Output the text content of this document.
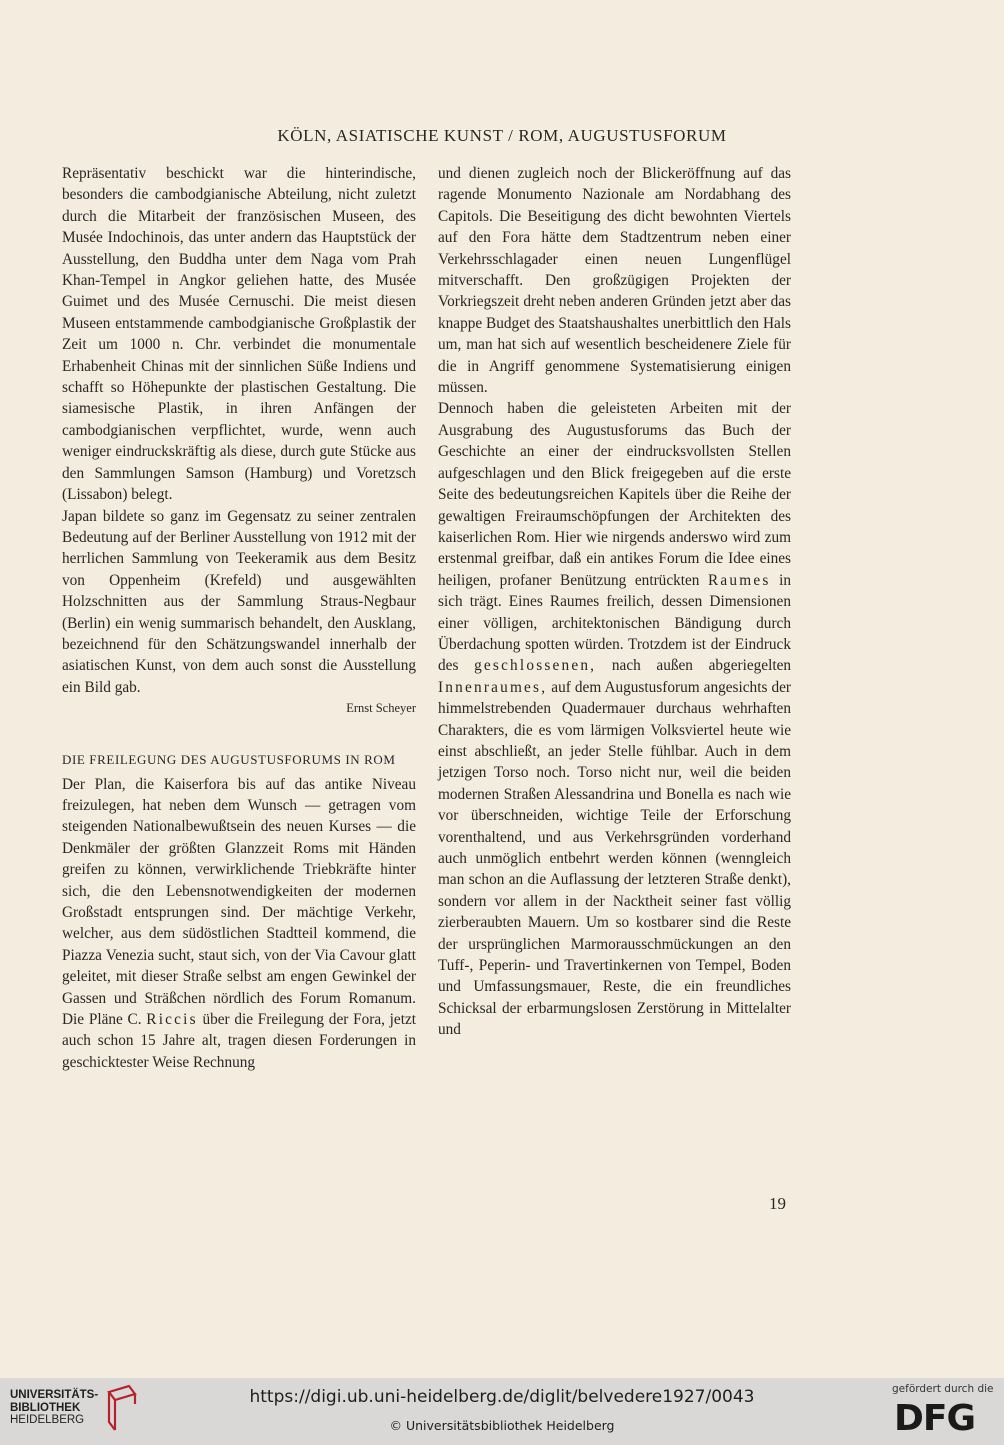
KÖLN, ASIATISCHE KUNST / ROM, AUGUSTUSFORUM

Repräsentativ beschickt war die hinterindische, besonders die cambodgianische Abteilung, nicht zuletzt durch die Mitarbeit der französischen Museen, des Musée Indochinois, das unter andern das Hauptstück der Ausstellung, den Buddha unter dem Naga vom Prah Khan-Tempel in Angkor geliehen hatte, des Musée Guimet und des Musée Cernuschi. Die meist diesen Museen entstammende cambodgianische Großplastik der Zeit um 1000 n. Chr. verbindet die monumentale Erhabenheit Chinas mit der sinnlichen Süße Indiens und schafft so Höhepunkte der plastischen Gestaltung. Die siamesische Plastik, in ihren Anfängen der cambodgianischen verpflichtet, wurde, wenn auch weniger eindruckskräftig als diese, durch gute Stücke aus den Sammlungen Samson (Hamburg) und Voretzsch (Lissabon) belegt.

Japan bildete so ganz im Gegensatz zu seiner zentralen Bedeutung auf der Berliner Ausstellung von 1912 mit der herrlichen Sammlung von Teekeramik aus dem Besitz von Oppenheim (Krefeld) und ausgewählten Holzschnitten aus der Sammlung Straus-Negbaur (Berlin) ein wenig summarisch behandelt, den Ausklang, bezeichnend für den Schätzungswandel innerhalb der asiatischen Kunst, von dem auch sonst die Ausstellung ein Bild gab.

Ernst Scheyer
DIE FREILEGUNG DES AUGUSTUSFORUMS IN ROM

Der Plan, die Kaiserfora bis auf das antike Niveau freizulegen, hat neben dem Wunsch — getragen vom steigenden Nationalbewußtsein des neuen Kurses — die Denkmäler der größten Glanzzeit Roms mit Händen greifen zu können, verwirklichende Triebkräfte hinter sich, die den Lebensnotwendigkeiten der modernen Großstadt entsprungen sind. Der mächtige Verkehr, welcher, aus dem südöstlichen Stadtteil kommend, die Piazza Venezia sucht, staut sich, von der Via Cavour glatt geleitet, mit dieser Straße selbst am engen Gewinkel der Gassen und Sträßchen nördlich des Forum Romanum. Die Pläne C. Riccis über die Freilegung der Fora, jetzt auch schon 15 Jahre alt, tragen diesen Forderungen in geschicktester Weise Rechnung

und dienen zugleich noch der Blickeröffnung auf das ragende Monumento Nazionale am Nordabhang des Capitols. Die Beseitigung des dicht bewohnten Viertels auf den Fora hätte dem Stadtzentrum neben einer Verkehrsschlagader einen neuen Lungenflügel mitverschafft. Den großzügigen Projekten der Vorkriegszeit dreht neben anderen Gründen jetzt aber das knappe Budget des Staatshaushaltes unerbittlich den Hals um, man hat sich auf wesentlich bescheidenere Ziele für die in Angriff genommene Systematisierung einigen müssen.

Dennoch haben die geleisteten Arbeiten mit der Ausgrabung des Augustusforums das Buch der Geschichte an einer der eindrucksvollsten Stellen aufgeschlagen und den Blick freigegeben auf die erste Seite des bedeutungsreichen Kapitels über die Reihe der gewaltigen Freiraumschöpfungen der Architekten des kaiserlichen Rom. Hier wie nirgends anderswo wird zum erstenmal greifbar, daß ein antikes Forum die Idee eines heiligen, profaner Benützung entrückten Raumes in sich trägt. Eines Raumes freilich, dessen Dimensionen einer völligen, architektonischen Bändigung durch Überdachung spotten würden. Trotzdem ist der Eindruck des geschlossenen, nach außen abgeriegelten Innenraumes, auf dem Augustusforum angesichts der himmelstrebenden Quadermauer durchaus wehrhaften Charakters, die es vom lärmigen Volksviertel heute wie einst abschließt, an jeder Stelle fühlbar. Auch in dem jetzigen Torso noch. Torso nicht nur, weil die beiden modernen Straßen Alessandrina und Bonella es nach wie vor überschneiden, wichtige Teile der Erforschung vorenthaltend, und aus Verkehrsgründen vorderhand auch unmöglich entbehrt werden können (wenngleich man schon an die Auflassung der letzteren Straße denkt), sondern vor allem in der Nacktheit seiner fast völlig zierberaubten Mauern. Um so kostbarer sind die Reste der ursprünglichen Marmorausschmückungen an den Tuff-, Peperin- und Travertinkernen von Tempel, Boden und Umfassungsmauer, Reste, die ein freundliches Schicksal der erbarmungslosen Zerstörung in Mittelalter und

19
UNIVERSITÄTS-
BIBLIOTHEK
HEIDELBERG
https://digi.ub.uni-heidelberg.de/diglit/belvedere1927/0043
© Universitätsbibliothek Heidelberg
gefördert durch die
DFG
